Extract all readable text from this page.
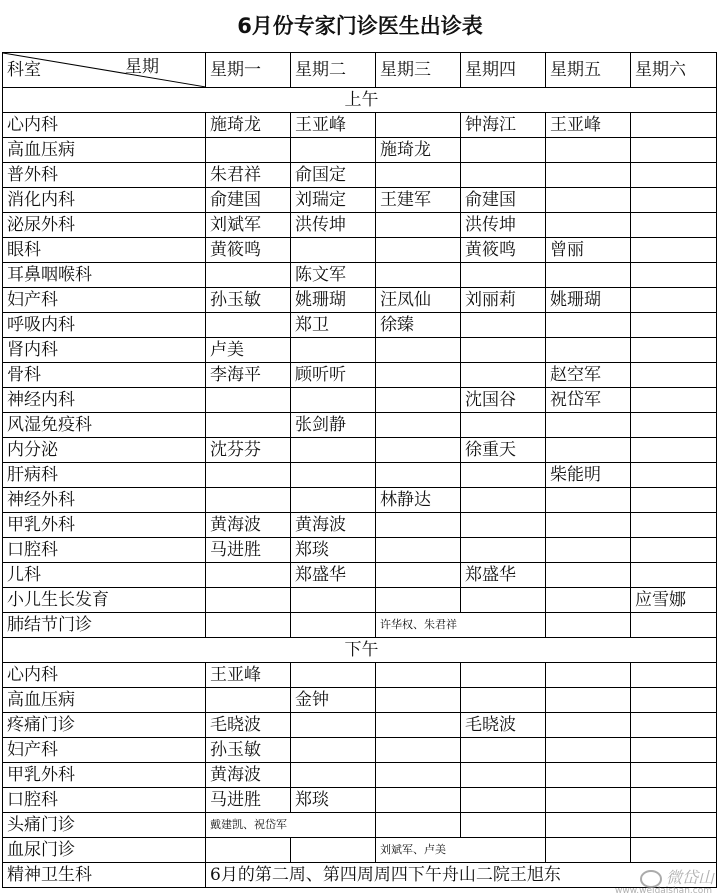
6月份专家门诊医生出诊表
科室 星期	星期一	星期二	星期三	星期四	星期五	星期六
上午						
心内科	施琦龙	王亚峰		钟海江	王亚峰	
高血压病			施琦龙			
普外科	朱君祥	俞国定				
消化内科	俞建国	刘瑞定	王建军	俞建国		
泌尿外科	刘斌军	洪传坤		洪传坤		
眼科	黄筱鸣			黄筱鸣	曾丽	
耳鼻咽喉科		陈文军				
妇产科	孙玉敏	姚珊瑚	汪凤仙	刘丽莉	姚珊瑚	
呼吸内科		郑卫	徐臻			
肾内科	卢美					
骨科	李海平	顾听听			赵空军	
神经内科				沈国谷	祝岱军	
风湿免疫科		张剑静				
内分泌	沈芬芬			徐重天		
肝病科					柴能明	
神经外科			林静达			
甲乳外科	黄海波	黄海波				
口腔科	马进胜	郑琰				
儿科		郑盛华		郑盛华		
小儿生长发育						应雪娜
肺结节门诊			许华权、朱君祥			
下午						
心内科	王亚峰					
高血压病		金钟				
疼痛门诊	毛晓波			毛晓波		
妇产科	孙玉敏					
甲乳外科	黄海波					
口腔科	马进胜	郑琰				
头痛门诊	戴建凯、祝岱军					
血尿门诊			刘斌军、卢美			
精神卫生科	6月的第二周、第四周周四下午舟山二院王旭东						微岱山
www.weidaishan.com
